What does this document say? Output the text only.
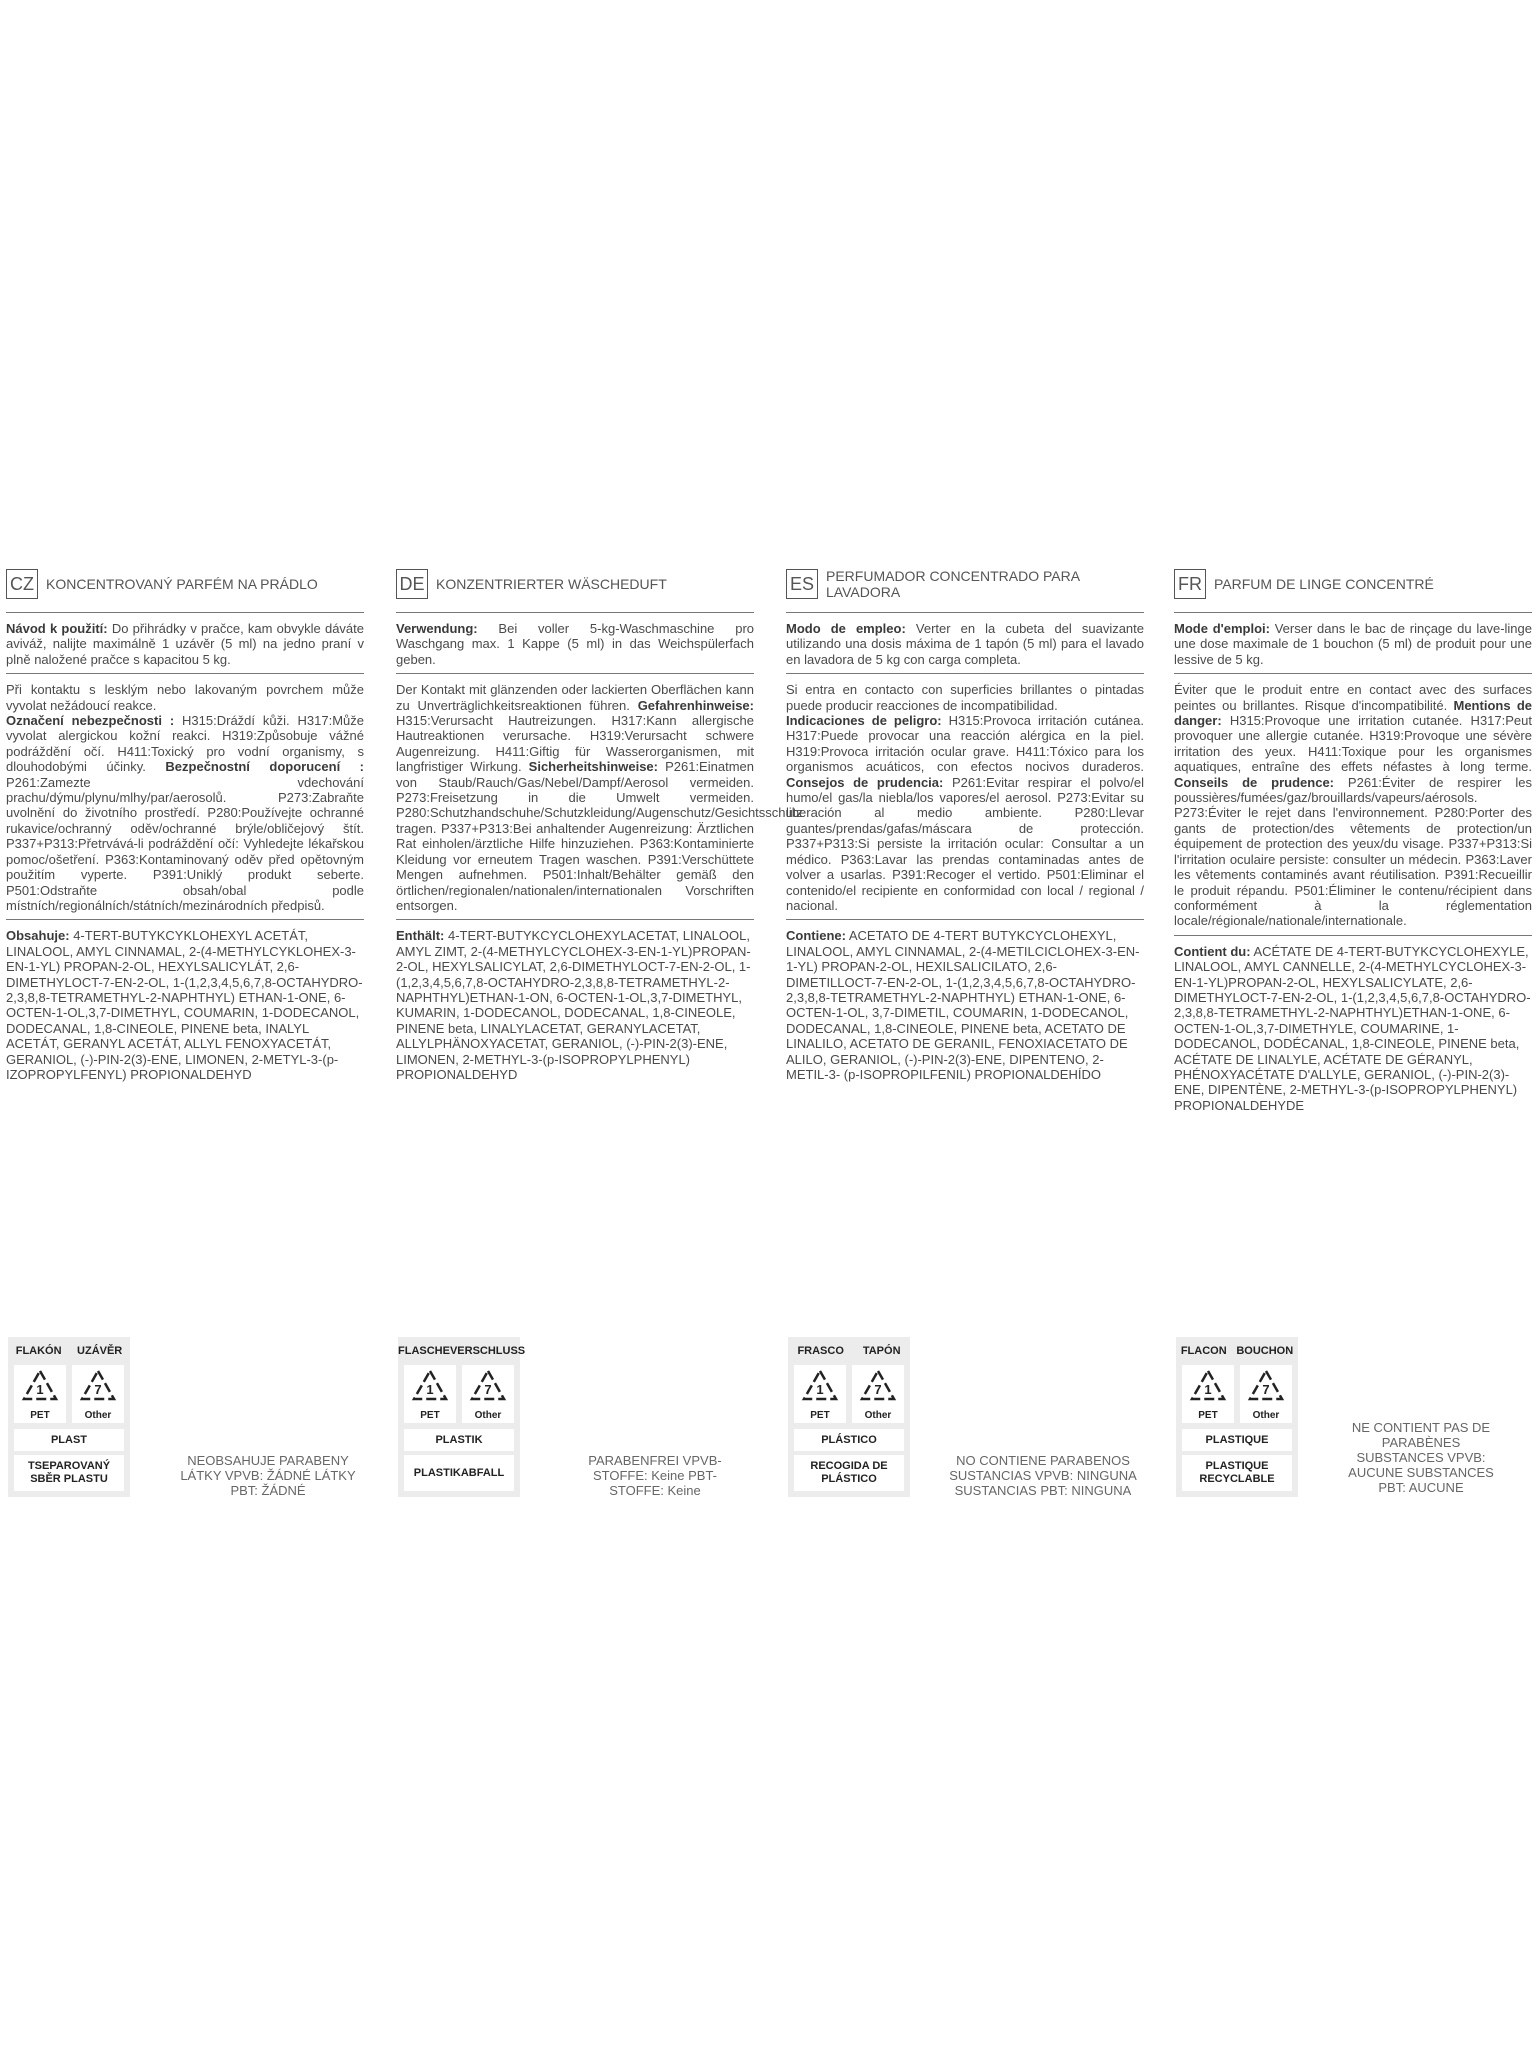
CZ KONCENTROVANÝ PARFÉM NA PRÁDLO

Návod k použití: Do přihrádky v pračce, kam obvykle dáváte aviváž, nalijte maximálně 1 uzávěr (5 ml) na jedno praní v plně naložené pračce s kapacitou 5 kg.

Při kontaktu s lesklým nebo lakovaným povrchem může vyvolat nežádoucí reakce.
Označení nebezpečnosti : H315:Dráždí kůži. H317:Může vyvolat alergickou kožní reakci. H319:Způsobuje vážné podráždění očí. H411:Toxický pro vodní organismy, s dlouhodobými účinky. Bezpečnostní doporucení : P261:Zamezte vdechování prachu/dýmu/plynu/mlhy/par/aerosolů. P273:Zabraňte uvolnění do životního prostředí. P280:Používejte ochranné rukavice/ochranný oděv/ochranné brýle/obličejový štít. P337+P313:Přetrvává-li podráždění očí: Vyhledejte lékařskou pomoc/ošetření. P363:Kontaminovaný oděv před opětovným použitím vyperte. P391:Uniklý produkt seberte. P501:Odstraňte obsah/obal podle místních/regionálních/státních/mezinárodních předpisů.

Obsahuje: 4-TERT-BUTYKCYKLOHEXYL ACETÁT, LINALOOL, AMYL CINNAMAL, 2-(4-METHYLCYKLOHEX-3-EN-1-YL) PROPAN-2-OL, HEXYLSALICYLÁT, 2,6-DIMETHYLOCT-7-EN-2-OL, 1-(1,2,3,4,5,6,7,8-OCTAHYDRO-2,3,8,8-TETRAMETHYL-2-NAPHTHYL) ETHAN-1-ONE, 6-OCTEN-1-OL,3,7-DIMETHYL, COUMARIN, 1-DODECANOL, DODECANAL, 1,8-CINEOLE, PINENE beta, INALYL ACETÁT, GERANYL ACETÁT, ALLYL FENOXYACETÁT, GERANIOL, (-)-PIN-2(3)-ENE, LIMONEN, 2-METYL-3-(p-IZOPROPYLFENYL) PROPIONALDEHYD

DE KONZENTRIERTER WÄSCHEDUFT

Verwendung: Bei voller 5-kg-Waschmaschine pro Waschgang max. 1 Kappe (5 ml) in das Weichspülerfach geben.

Der Kontakt mit glänzenden oder lackierten Oberflächen kann zu Unverträglichkeitsreaktionen führen. Gefahrenhinweise: H315:Verursacht Hautreizungen. H317:Kann allergische Hautreaktionen verursache. H319:Verursacht schwere Augenreizung. H411:Giftig für Wasserorganismen, mit langfristiger Wirkung. Sicherheitshinweise: P261:Einatmen von Staub/Rauch/Gas/Nebel/Dampf/Aerosol vermeiden. P273:Freisetzung in die Umwelt vermeiden. P280:Schutzhandschuhe/Schutzkleidung/Augenschutz/Gesichtsschutz tragen. P337+P313:Bei anhaltender Augenreizung: Ärztlichen Rat einholen/ärztliche Hilfe hinzuziehen. P363:Kontaminierte Kleidung vor erneutem Tragen waschen. P391:Verschüttete Mengen aufnehmen. P501:Inhalt/Behälter gemäß den örtlichen/regionalen/nationalen/internationalen Vorschriften entsorgen.

Enthält: 4-TERT-BUTYKCYCLOHEXYLACETAT, LINALOOL, AMYL ZIMT, 2-(4-METHYLCYCLOHEX-3-EN-1-YL)PROPAN-2-OL, HEXYLSALICYLAT, 2,6-DIMETHYLOCT-7-EN-2-OL, 1-(1,2,3,4,5,6,7,8-OCTAHYDRO-2,3,8,8-TETRAMETHYL-2-NAPHTHYL)ETHAN-1-ON, 6-OCTEN-1-OL,3,7-DIMETHYL, KUMARIN, 1-DODECANOL, DODECANAL, 1,8-CINEOLE, PINENE beta, LINALYLACETAT, GERANYLACETAT, ALLYLPHÄNOXYACETAT, GERANIOL, (-)-PIN-2(3)-ENE, LIMONEN, 2-METHYL-3-(p-ISOPROPYLPHENYL) PROPIONALDEHYD

ES PERFUMADOR CONCENTRADO PARA LAVADORA

Modo de empleo: Verter en la cubeta del suavizante utilizando una dosis máxima de 1 tapón (5 ml) para el lavado en lavadora de 5 kg con carga completa.

Si entra en contacto con superficies brillantes o pintadas puede producir reacciones de incompatibilidad.
Indicaciones de peligro: H315:Provoca irritación cutánea. H317:Puede provocar una reacción alérgica en la piel. H319:Provoca irritación ocular grave. H411:Tóxico para los organismos acuáticos, con efectos nocivos duraderos. Consejos de prudencia: P261:Evitar respirar el polvo/el humo/el gas/la niebla/los vapores/el aerosol. P273:Evitar su liberación al medio ambiente. P280:Llevar guantes/prendas/gafas/máscara de protección. P337+P313:Si persiste la irritación ocular: Consultar a un médico. P363:Lavar las prendas contaminadas antes de volver a usarlas. P391:Recoger el vertido. P501:Eliminar el contenido/el recipiente en conformidad con local / regional / nacional.

Contiene: ACETATO DE 4-TERT BUTYKCYCLOHEXYL, LINALOOL, AMYL CINNAMAL, 2-(4-METILCICLOHEX-3-EN-1-YL) PROPAN-2-OL, HEXILSALICILATO, 2,6-DIMETILLOCT-7-EN-2-OL, 1-(1,2,3,4,5,6,7,8-OCTAHYDRO-2,3,8,8-TETRAMETHYL-2-NAPHTHYL) ETHAN-1-ONE, 6-OCTEN-1-OL, 3,7-DIMETIL, COUMARIN, 1-DODECANOL, DODECANAL, 1,8-CINEOLE, PINENE beta, ACETATO DE LINALILO, ACETATO DE GERANIL, FENOXIACETATO DE ALILO, GERANIOL, (-)-PIN-2(3)-ENE, DIPENTENO, 2-METIL-3- (p-ISOPROPILFENIL) PROPIONALDEHÍDO

FR PARFUM DE LINGE CONCENTRÉ

Mode d'emploi: Verser dans le bac de rinçage du lave-linge une dose maximale de 1 bouchon (5 ml) de produit pour une lessive de 5 kg.

Éviter que le produit entre en contact avec des surfaces peintes ou brillantes. Risque d'incompatibilité. Mentions de danger: H315:Provoque une irritation cutanée. H317:Peut provoquer une allergie cutanée. H319:Provoque une sévère irritation des yeux. H411:Toxique pour les organismes aquatiques, entraîne des effets néfastes à long terme. Conseils de prudence: P261:Éviter de respirer les poussières/fumées/gaz/brouillards/vapeurs/aérosols. P273:Éviter le rejet dans l'environnement. P280:Porter des gants de protection/des vêtements de protection/un équipement de protection des yeux/du visage. P337+P313:Si l'irritation oculaire persiste: consulter un médecin. P363:Laver les vêtements contaminés avant réutilisation. P391:Recueillir le produit répandu. P501:Éliminer le contenu/récipient dans conformément à la réglementation locale/régionale/nationale/internationale.

Contient du: ACÉTATE DE 4-TERT-BUTYKCYCLOHEXYLE, LINALOOL, AMYL CANNELLE, 2-(4-METHYLCYCLOHEX-3-EN-1-YL)PROPAN-2-OL, HEXYLSALICYLATE, 2,6-DIMETHYLOCT-7-EN-2-OL, 1-(1,2,3,4,5,6,7,8-OCTAHYDRO-2,3,8,8-TETRAMETHYL-2-NAPHTHYL)ETHAN-1-ONE, 6-OCTEN-1-OL,3,7-DIMETHYLE, COUMARINE, 1-DODECANOL, DODÉCANAL, 1,8-CINEOLE, PINENE beta, ACÉTATE DE LINALYLE, ACÉTATE DE GÉRANYL, PHÉNOXYACÉTATE D'ALLYLE, GERANIOL, (-)-PIN-2(3)-ENE, DIPENTÈNE, 2-METHYL-3-(p-ISOPROPYLPHENYL) PROPIONALDEHYDE

FLAKÓN UZÁVĚR
1
PET
7
Other
PLAST
TSEPAROVANÝ SBĚR PLASTU
NEOBSAHUJE PARABENY LÁTKY VPVB: ŽÁDNÉ LÁTKY PBT: ŽÁDNÉ
FLASCHE VERSCHLUSS
1
PET
7
Other
PLASTIK
PLASTIKABFALL
PARABENFREI VPVB-STOFFE: Keine PBT-STOFFE: Keine
FRASCO TAPÓN
1
PET
7
Other
PLÁSTICO
RECOGIDA DE PLÁSTICO
NO CONTIENE PARABENOS SUSTANCIAS VPVB: NINGUNA SUSTANCIAS PBT: NINGUNA
FLACON BOUCHON
1
PET
7
Other
PLASTIQUE
PLASTIQUE RECYCLABLE
NE CONTIENT PAS DE PARABÈNES SUBSTANCES VPVB: AUCUNE SUBSTANCES PBT: AUCUNE
